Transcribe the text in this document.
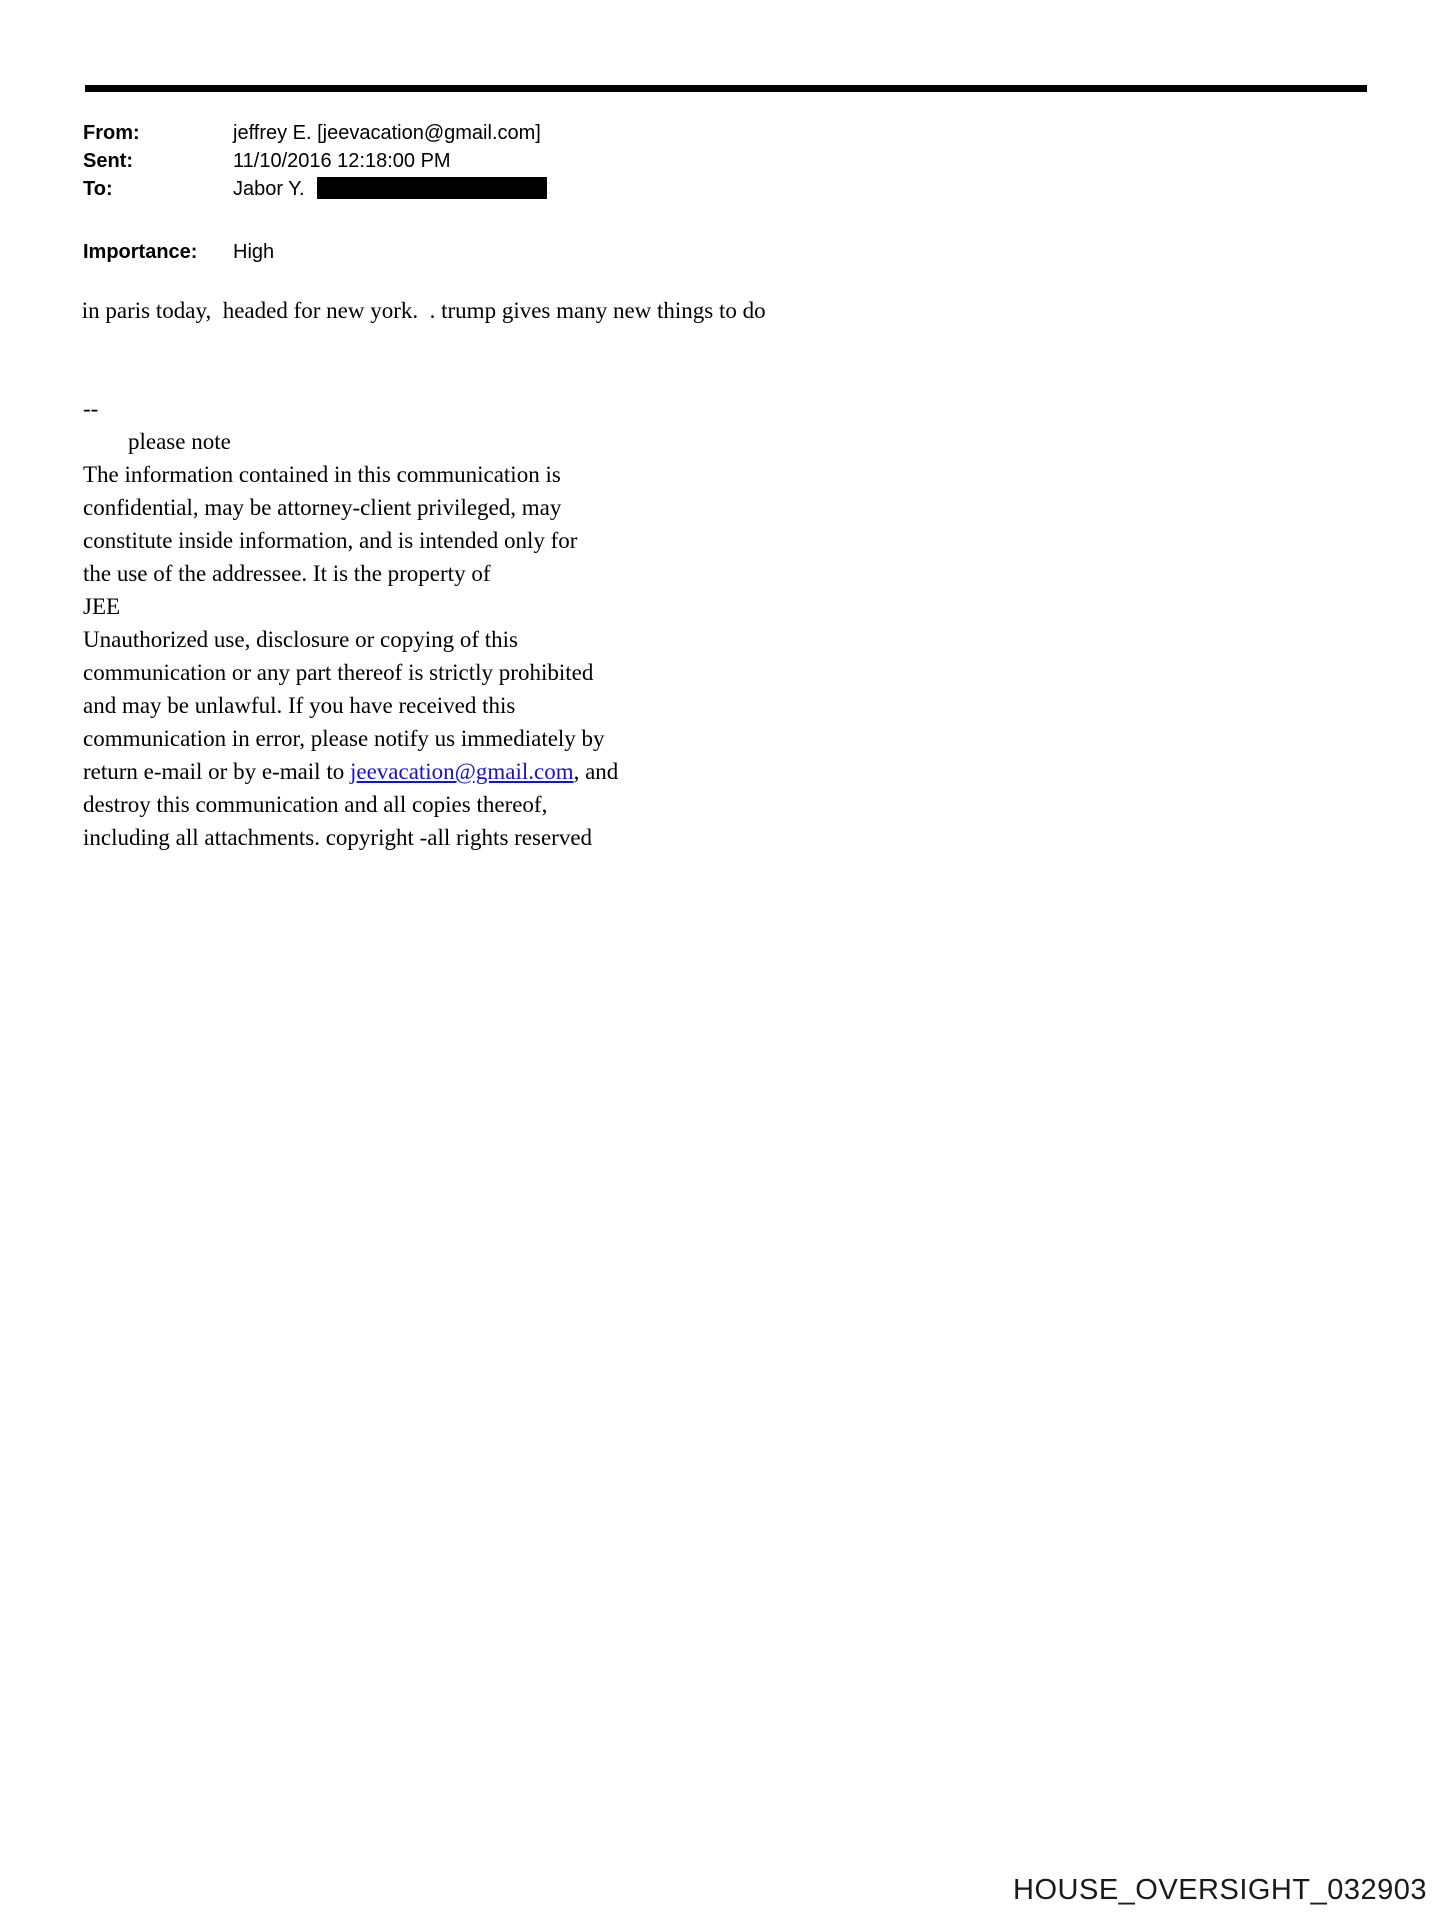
From:	jeffrey E. [jeevacation@gmail.com]
Sent:	11/10/2016 12:18:00 PM
To:	Jabor Y.
Importance:	High
in paris today,  headed for new york.  . trump gives many new things to do
--
please note
The information contained in this communication is
confidential, may be attorney-client privileged, may
constitute inside information, and is intended only for
the use of the addressee. It is the property of
JEE
Unauthorized use, disclosure or copying of this
communication or any part thereof is strictly prohibited
and may be unlawful. If you have received this
communication in error, please notify us immediately by
return e-mail or by e-mail to jeevacation@gmail.com, and
destroy this communication and all copies thereof,
including all attachments. copyright -all rights reserved
HOUSE_OVERSIGHT_032903
